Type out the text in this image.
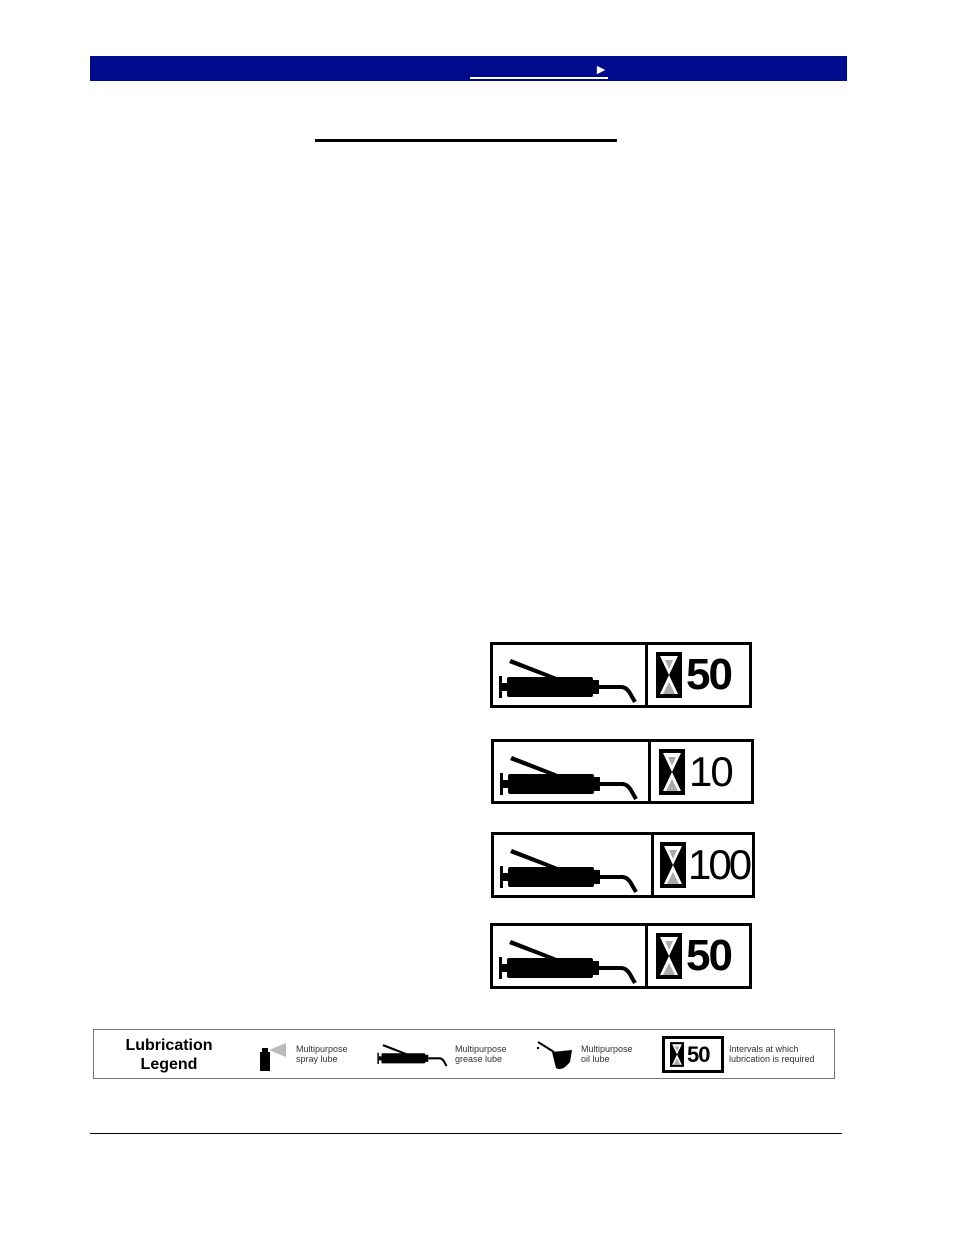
►
50
10
100
50
Lubrication
Legend
Multipurpose
spray lube
Multipurpose
grease lube
Multipurpose
oil lube	50 Intervals at which
lubrication is required
